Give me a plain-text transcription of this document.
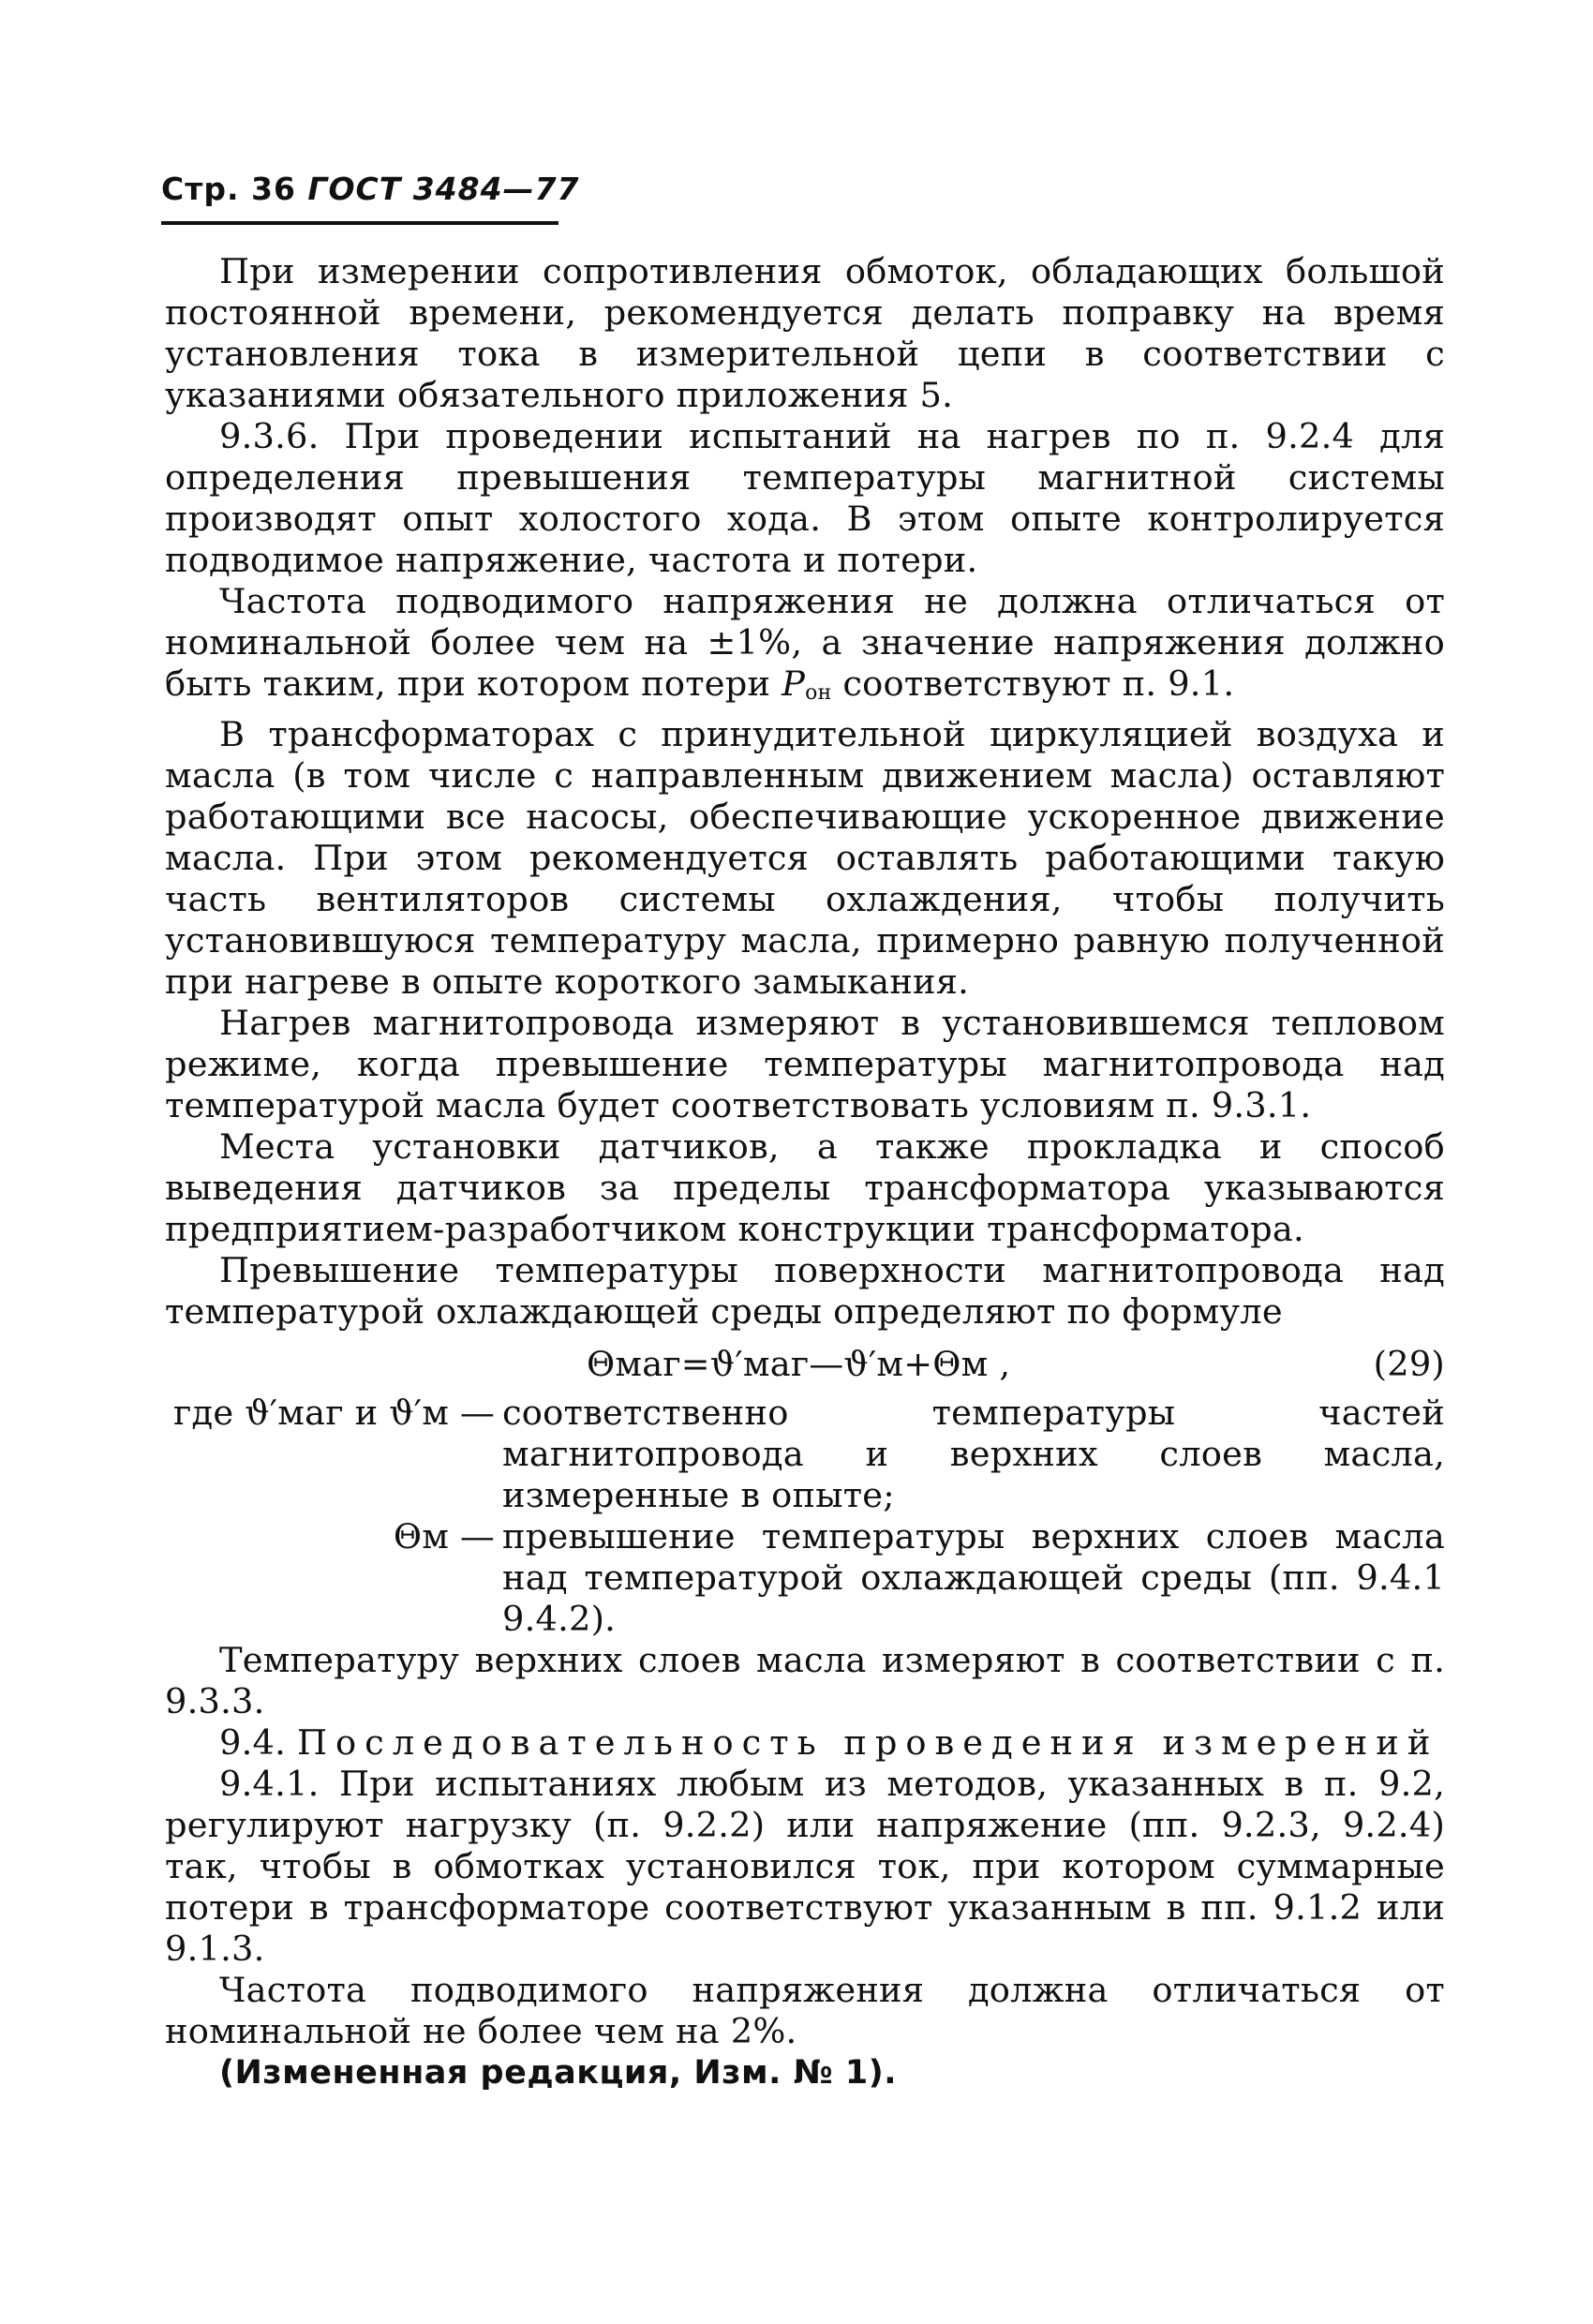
Стр. 36 ГОСТ 3484—77

При измерении сопротивления обмоток, обладающих большой постоянной времени, рекомендуется делать поправку на время установления тока в измерительной цепи в соответствии с указаниями обязательного приложения 5.

9.3.6. При проведении испытаний на нагрев по п. 9.2.4 для определения превышения температуры магнитной системы производят опыт холостого хода. В этом опыте контролируется подводимое напряжение, частота и потери.

Частота подводимого напряжения не должна отличаться от номинальной более чем на ±1%, а значение напряжения должно быть таким, при котором потери $P_{он}$ соответствуют п. 9.1.

В трансформаторах с принудительной циркуляцией воздуха и масла (в том числе с направленным движением масла) оставляют работающими все насосы, обеспечивающие ускоренное движение масла. При этом рекомендуется оставлять работающими такую часть вентиляторов системы охлаждения, чтобы получить установившуюся температуру масла, примерно равную полученной при нагреве в опыте короткого замыкания.

Нагрев магнитопровода измеряют в установившемся тепловом режиме, когда превышение температуры магнитопровода над температурой масла будет соответствовать условиям п. 9.3.1.

Места установки датчиков, а также прокладка и способ выведения датчиков за пределы трансформатора указываются предприятием-разработчиком конструкции трансформатора.

Превышение температуры поверхности магнитопровода над температурой охлаждающей среды определяют по формуле

Θмаг=ϑ′маг—ϑ′м+Θм ,	(29)
где ϑ′маг и ϑ′м — соответственно температуры частей магнитопровода и верхних слоев масла, измеренные в опыте;
Θм — превышение температуры верхних слоев масла над температурой охлаждающей среды (пп. 9.4.1 9.4.2).

Температуру верхних слоев масла измеряют в соответствии с п. 9.3.3.

9.4. Последовательность проведения измерений

9.4.1. При испытаниях любым из методов, указанных в п. 9.2, регулируют нагрузку (п. 9.2.2) или напряжение (пп. 9.2.3, 9.2.4) так, чтобы в обмотках установился ток, при котором суммарные потери в трансформаторе соответствуют указанным в пп. 9.1.2 или 9.1.3.

Частота подводимого напряжения должна отличаться от номинальной не более чем на 2%.

(Измененная редакция, Изм. № 1).
